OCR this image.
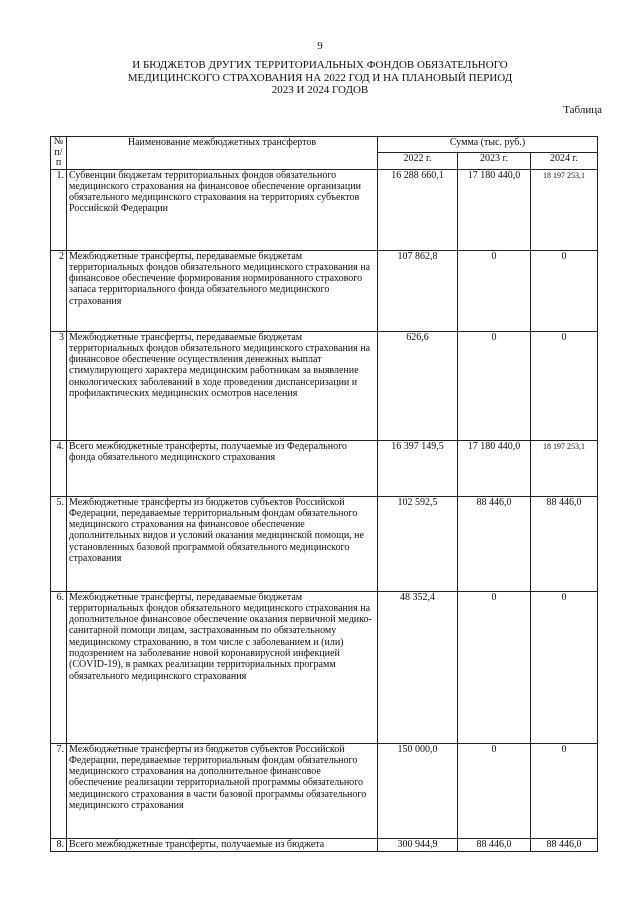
9
И БЮДЖЕТОВ ДРУГИХ ТЕРРИТОРИАЛЬНЫХ ФОНДОВ ОБЯЗАТЕЛЬНОГО
МЕДИЦИНСКОГО СТРАХОВАНИЯ НА 2022 ГОД И НА ПЛАНОВЫЙ ПЕРИОД
2023 И 2024 ГОДОВ
Таблица
№ п/п	Наименование межбюджетных трансфертов	Сумма (тыс. руб.)		
		2022 г.	2023 г.	2024 г.
1.	Субвенции бюджетам территориальных фондов обязательного медицинского страхования на финансовое обеспечение организации обязательного медицинского страхования на территориях субъектов Российской Федерации	16 288 660,1	17 180 440,0	18 197 253,1
2	Межбюджетные трансферты, передаваемые бюджетам территориальных фондов обязательного медицинского страхования на финансовое обеспечение формирования нормированного страхового запаса территориального фонда обязательного медицинского страхования	107 862,8	0	0
3	Межбюджетные трансферты, передаваемые бюджетам территориальных фондов обязательного медицинского страхования на финансовое обеспечение осуществления денежных выплат стимулирующего характера медицинским работникам за выявление онкологических заболеваний в ходе проведения диспансеризации и профилактических медицинских осмотров населения	626,6	0	0
4.	Всего межбюджетные трансферты, получаемые из Федерального фонда обязательного медицинского страхования	16 397 149,5	17 180 440,0	18 197 253,1
5.	Межбюджетные трансферты из бюджетов субъектов Российской Федерации, передаваемые территориальным фондам обязательного медицинского страхования на финансовое обеспечение дополнительных видов и условий оказания медицинской помощи, не установленных базовой программой обязательного медицинского страхования	102 592,5	88 446,0	88 446,0
6.	Межбюджетные трансферты, передаваемые бюджетам территориальных фондов обязательного медицинского страхования на дополнительное финансовое обеспечение оказания первичной медико-санитарной помощи лицам, застрахованным по обязательному медицинскому страхованию, в том числе с заболеванием и (или) подозрением на заболевание новой коронавирусной инфекцией (COVID-19), в рамках реализации территориальных программ обязательного медицинского страхования	48 352,4	0	0
7.	Межбюджетные трансферты из бюджетов субъектов Российской Федерации, передаваемые территориальным фондам обязательного медицинского страхования на дополнительное финансовое обеспечение реализации территориальной программы обязательного медицинского страхования в части базовой программы обязательного медицинского страхования	150 000,0	0	0
8.	Всего межбюджетные трансферты, получаемые из бюджета	300 944,9	88 446,0	88 446,0
